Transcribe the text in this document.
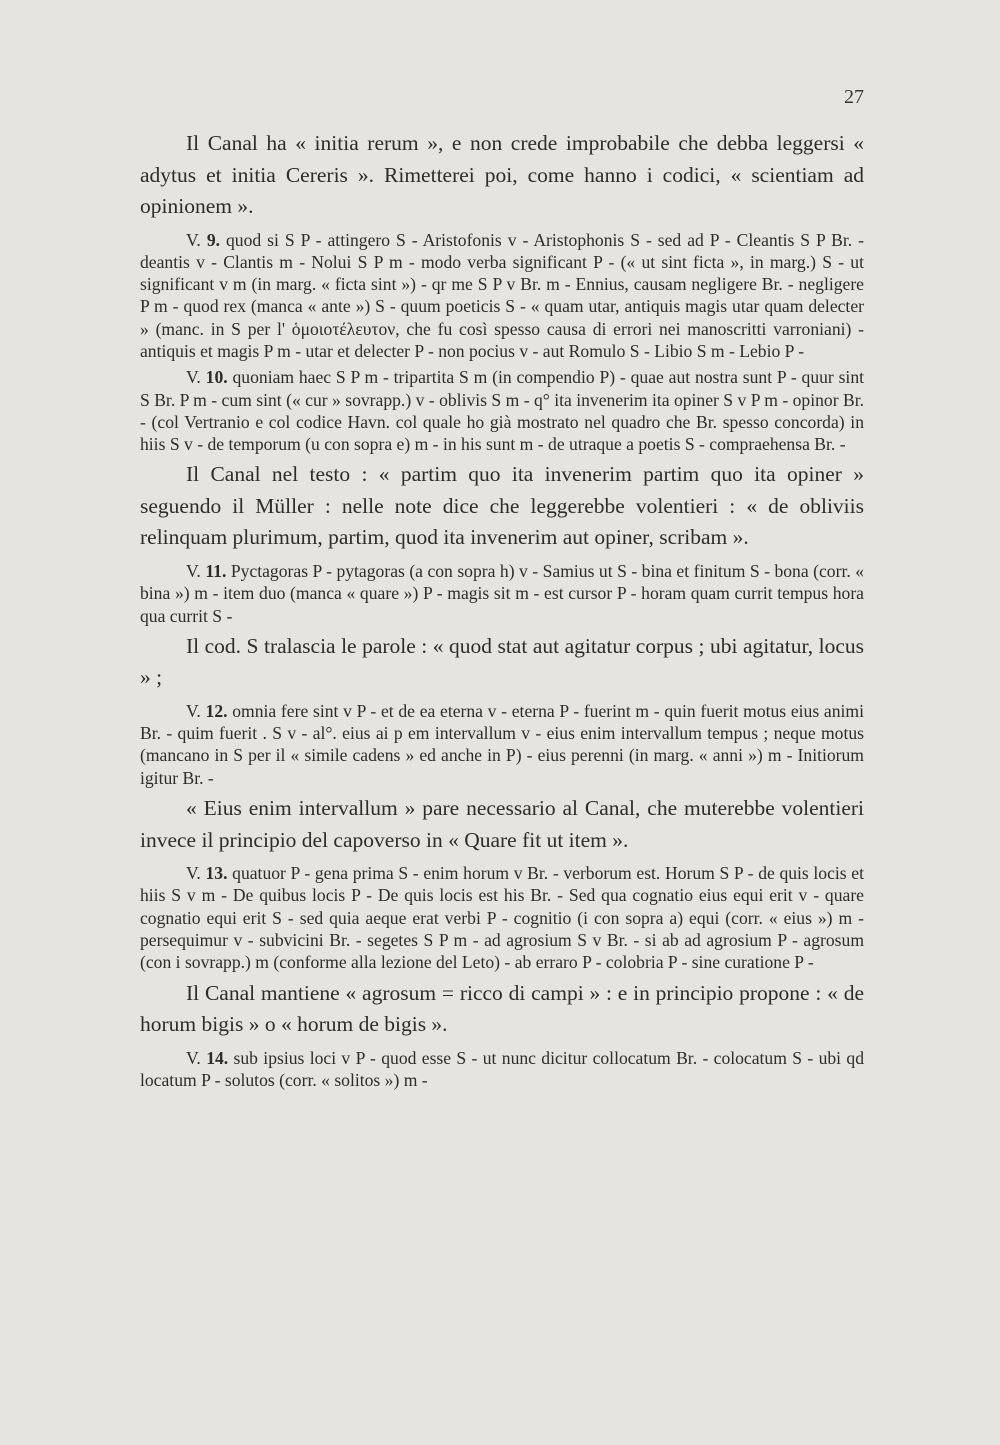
27

Il Canal ha « initia rerum », e non crede improbabile che debba leggersi « adytus et initia Cereris ». Rimetterei poi, come hanno i codici, « scientiam ad opinionem ».

V. 9. quod si S P - attingero S - Aristofonis v - Aristophonis S - sed ad P - Cleantis S P Br. - deantis v - Clantis m - Nolui S P m - modo verba significant P - (« ut sint ficta », in marg.) S - ut significant v m (in marg. « ficta sint ») - qr me S P v Br. m - Ennius, causam negligere Br. - negligere P m - quod rex (manca « ante ») S - quum poeticis S - « quam utar, antiquis magis utar quam delecter » (manc. in S per l' ὁμοιοτέλευτον, che fu così spesso causa di errori nei manoscritti varroniani) - antiquis et magis P m - utar et delecter P - non pocius v - aut Romulo S - Libio S m - Lebio P -

V. 10. quoniam haec S P m - tripartita S m (in compendio P) - quae aut nostra sunt P - quur sint S Br. P m - cum sint (« cur » sovrapp.) v - oblivis S m - q° ita invenerim ita opiner S v P m - opinor Br. - (col Vertranio e col codice Havn. col quale ho già mostrato nel quadro che Br. spesso concorda) in hiis S v - de temporum (u con sopra e) m - in his sunt m - de utraque a poetis S - compraehensa Br. -

Il Canal nel testo : « partim quo ita invenerim partim quo ita opiner » seguendo il Müller : nelle note dice che leggerebbe volentieri : « de obliviis relinquam plurimum, partim, quod ita invenerim aut opiner, scribam ».

V. 11. Pyctagoras P - pytagoras (a con sopra h) v - Samius ut S - bina et finitum S - bona (corr. « bina ») m - item duo (manca « quare ») P - magis sit m - est cursor P - horam quam currit tempus hora qua currit S -

Il cod. S tralascia le parole : « quod stat aut agitatur corpus ; ubi agitatur, locus » ;

V. 12. omnia fere sint v P - et de ea eterna v - eterna P - fuerint m - quin fuerit motus eius animi Br. - quim fuerit . S v - al°. eius ai p em intervallum v - eius enim intervallum tempus ; neque motus (mancano in S per il « simile cadens » ed anche in P) - eius perenni (in marg. « anni ») m - Initiorum igitur Br. -

« Eius enim intervallum » pare necessario al Canal, che muterebbe volentieri invece il principio del capoverso in « Quare fit ut item ».

V. 13. quatuor P - gena prima S - enim horum v Br. - verborum est. Horum S P - de quis locis et hiis S v m - De quibus locis P - De quis locis est his Br. - Sed qua cognatio eius equi erit v - quare cognatio equi erit S - sed quia aeque erat verbi P - cognitio (i con sopra a) equi (corr. « eius ») m - persequimur v - subvicini Br. - segetes S P m - ad agrosium S v Br. - si ab ad agrosium P - agrosum (con i sovrapp.) m (conforme alla lezione del Leto) - ab erraro P - colobria P - sine curatione P -

Il Canal mantiene « agrosum = ricco di campi » : e in principio propone : « de horum bigis » o « horum de bigis ».

V. 14. sub ipsius loci v P - quod esse S - ut nunc dicitur collocatum Br. - colocatum S - ubi qd locatum P - solutos (corr. « solitos ») m -
